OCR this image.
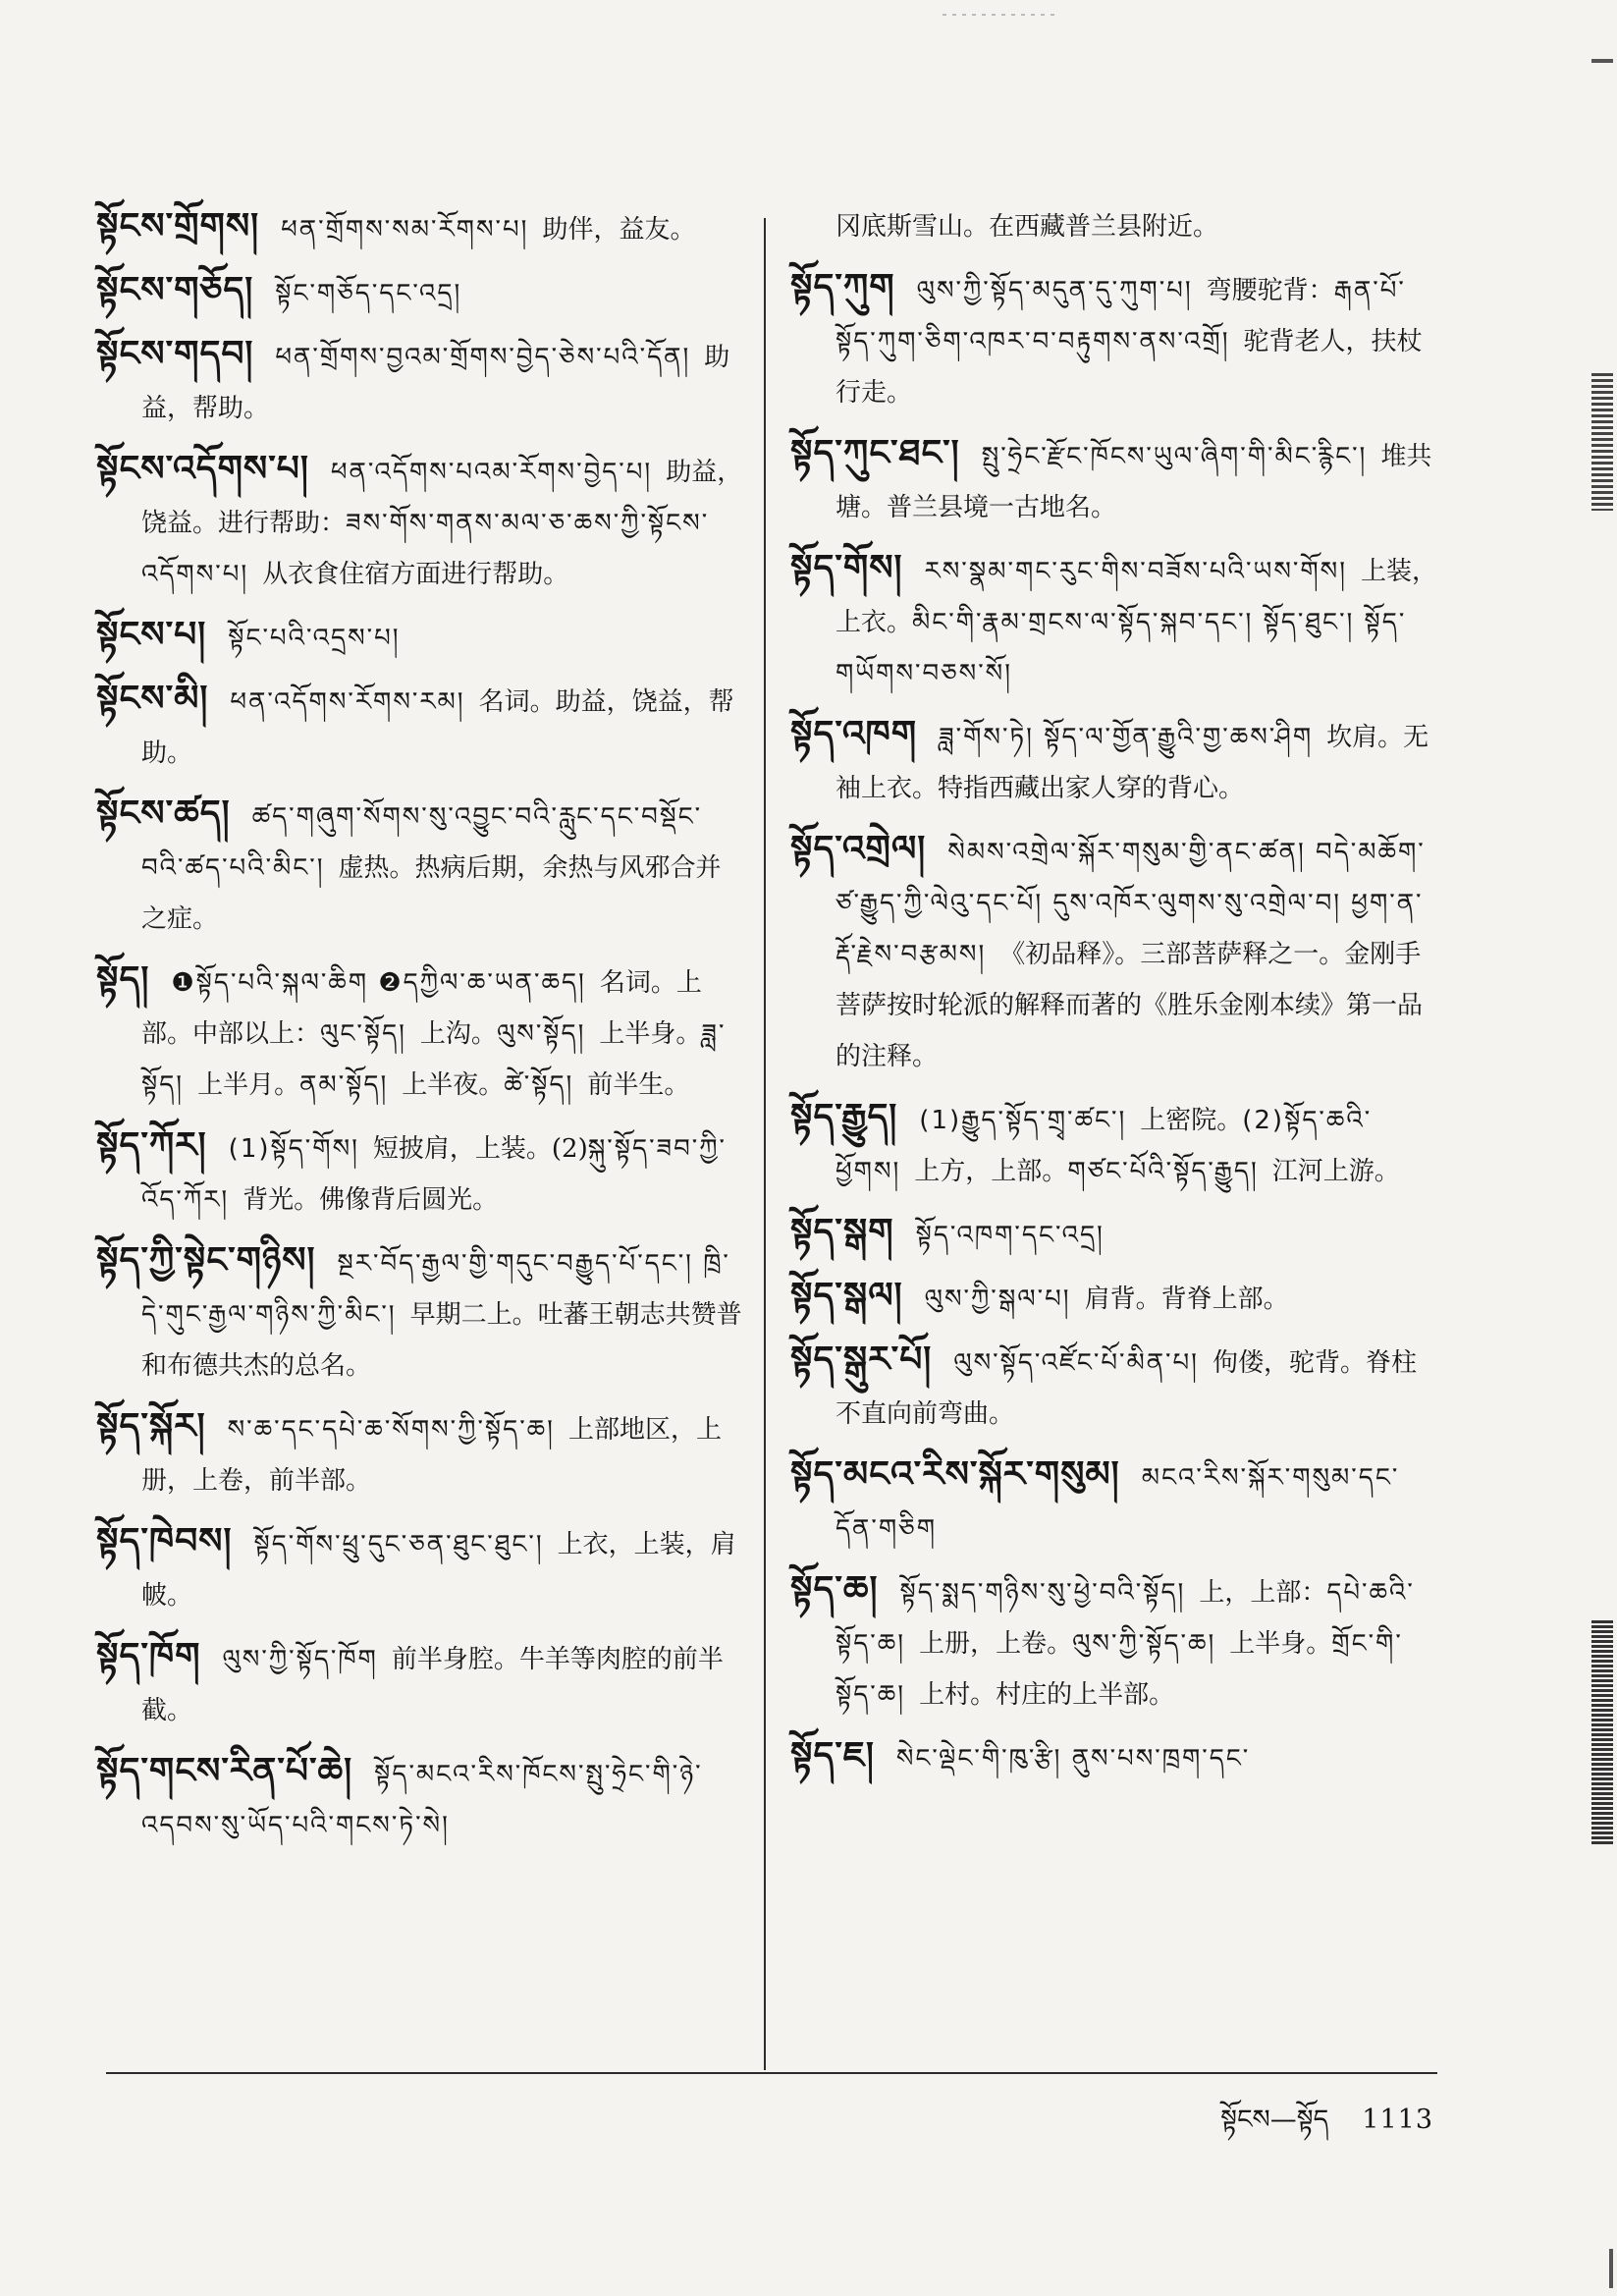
སྟོངས་གྲོགས། ཕན་གྲོགས་སམ་རོགས་པ། 助伴，益友。

སྟོངས་གཅོད། སྟོང་གཅོད་དང་འདྲ།

སྟོངས་གདབ། ཕན་གྲོགས་བྱའམ་གྲོགས་བྱེད་ཅེས་པའི་དོན། 助益，帮助。

སྟོངས་འདོགས་པ། ཕན་འདོགས་པའམ་རོགས་བྱེད་པ། 助益，饶益。进行帮助：ཟས་གོས་གནས་མལ་ཅ་ཆས་ཀྱི་སྟོངས་འདོགས་པ། 从衣食住宿方面进行帮助。

སྟོངས་པ། སྟོང་པའི་འདྲས་པ།

སྟོངས་མི། ཕན་འདོགས་རོགས་རམ། 名词。助益，饶益，帮助。

སྟོངས་ཚད། ཚད་གཞུག་སོགས་སུ་འབྱུང་བའི་རླུང་དང་བསྡོང་བའི་ཚད་པའི་མིང་། 虚热。热病后期，余热与风邪合并之症。

སྟོད། ❶སྟོད་པའི་སྐལ་ཆིག ❷དཀྱིལ་ཆ་ཡན་ཆད། 名词。上部。中部以上：ལུང་སྟོད། 上沟。ལུས་སྟོད། 上半身。ཟླ་སྟོད། 上半月。ནམ་སྟོད། 上半夜。ཚེ་སྟོད། 前半生。

སྟོད་ཀོར། (1)སྟོད་གོས། 短披肩，上装。(2)སྐུ་སྟོད་ཟབ་ཀྱི་འོད་ཀོར། 背光。佛像背后圆光。

སྟོད་ཀྱི་སྟེང་གཉིས། སྔར་བོད་རྒྱལ་གྱི་གདུང་བརྒྱུད་པོ་དང་། ཁྲི་དེ་གུང་རྒྱལ་གཉིས་ཀྱི་མིང་། 早期二上。吐蕃王朝志共赞普和布德共杰的总名。

སྟོད་སྐོར། ས་ཆ་དང་དཔེ་ཆ་སོགས་ཀྱི་སྟོད་ཆ། 上部地区，上册，上卷，前半部。

སྟོད་ཁེབས། སྟོད་གོས་ཕྲུ་དུང་ཅན་ཐུང་ཐུང་། 上衣，上装，肩帔。

སྟོད་ཁོག ལུས་ཀྱི་སྟོད་ཁོག 前半身腔。牛羊等肉腔的前半截。

སྟོད་གངས་རིན་པོ་ཆེ། སྟོད་མངའ་རིས་ཁོངས་སྤུ་ཧྲེང་གི་ཉེ་འདབས་སུ་ཡོད་པའི་གངས་ཏེ་སེ།

冈底斯雪山。在西藏普兰县附近。

སྟོད་ཀུག ལུས་ཀྱི་སྟོད་མདུན་དུ་ཀུག་པ། 弯腰驼背：རྒན་པོ་སྟོད་ཀུག་ཅིག་འཁར་བ་བརྟུགས་ནས་འགྲོ། 驼背老人，扶杖行走。

སྟོད་ཀུང་ཐང་། སྤུ་ཧྲེང་རྫོང་ཁོངས་ཡུལ་ཞིག་གི་མིང་རྙིང་། 堆共塘。普兰县境一古地名。

སྟོད་གོས། རས་སྣམ་གང་རུང་གིས་བཟོས་པའི་ཡས་གོས། 上装，上衣。མིང་གི་རྣམ་གྲངས་ལ་སྟོད་སྐབ་དང་། སྟོད་ཐུང་། སྟོད་གཡོགས་བཅས་སོ།

སྟོད་འཁག ཟླ་གོས་ཏེ། སྟོད་ལ་གྱོན་རྒྱུའི་གྱ་ཆས་ཤིག 坎肩。无袖上衣。特指西藏出家人穿的背心。

སྟོད་འགྲེལ། སེམས་འགྲེལ་སྐོར་གསུམ་གྱི་ནང་ཚན། བདེ་མཆོག་ཙ་རྒྱུད་ཀྱི་ལེའུ་དང་པོ། དུས་འཁོར་ལུགས་སུ་འགྲེལ་བ། ཕྱག་ན་རྡོ་རྗེས་བརྩམས། 《初品释》。三部菩萨释之一。金刚手菩萨按时轮派的解释而著的《胜乐金刚本续》第一品的注释。

སྟོད་རྒྱུད། (1)རྒྱུད་སྟོད་གྲྭ་ཚང་། 上密院。(2)སྟོད་ཆའི་ཕྱོགས། 上方，上部。གཙང་པོའི་སྟོད་རྒྱུད། 江河上游。

སྟོད་སྒག སྟོད་འཁག་དང་འདྲ།

སྟོད་སྒལ། ལུས་ཀྱི་སྒལ་པ། 肩背。背脊上部。

སྟོད་སྒུར་པོ། ལུས་སྟོད་འཛོང་པོ་མིན་པ། 佝偻，驼背。脊柱不直向前弯曲。

སྟོད་མངའ་རིས་སྐོར་གསུམ། མངའ་རིས་སྐོར་གསུམ་དང་དོན་གཅིག

སྟོད་ཆ། སྟོད་སྨད་གཉིས་སུ་ཕྱེ་བའི་སྟོད། 上，上部：དཔེ་ཆའི་སྟོད་ཆ། 上册，上卷。ལུས་ཀྱི་སྟོད་ཆ། 上半身。གྲོང་གི་སྟོད་ཆ། 上村。村庄的上半部。

སྟོད་ཇ། སེང་ལྡེང་གི་ཁུ་རྩི། ནུས་པས་ཁྲག་དང་

སྟོངས—སྟོད 1113
